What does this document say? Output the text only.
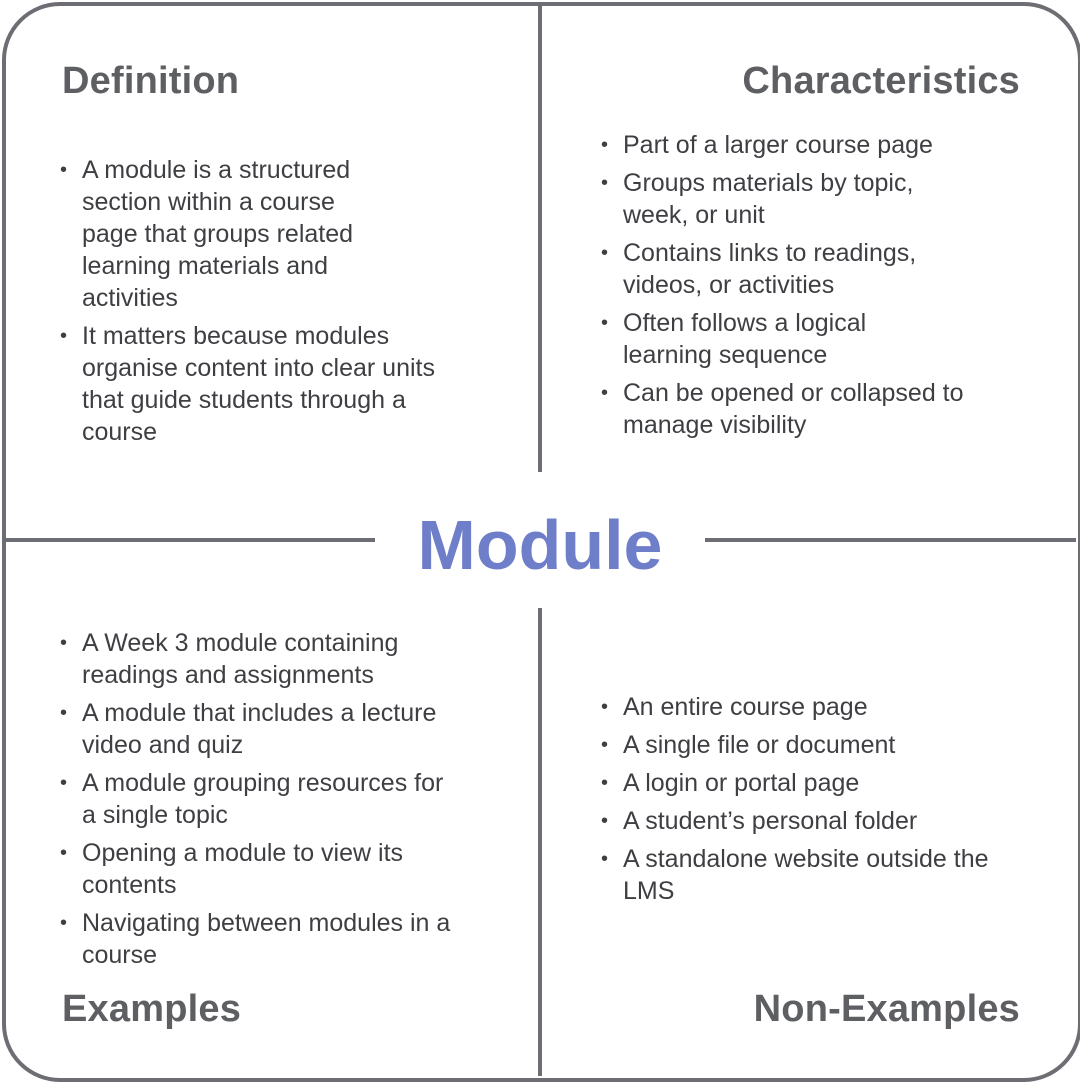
Module
Definition
• A module is a structured section within a course page that groups related learning materials and activities
• It matters because modules organise content into clear units that guide students through a course
Characteristics
• Part of a larger course page
• Groups materials by topic, week, or unit
• Contains links to readings, videos, or activities
• Often follows a logical learning sequence
• Can be opened or collapsed to manage visibility
• A Week 3 module containing readings and assignments
• A module that includes a lecture video and quiz
• A module grouping resources for a single topic
• Opening a module to view its contents
• Navigating between modules in a course
Examples
• An entire course page
• A single file or document
• A login or portal page
• A student’s personal folder
• A standalone website outside the LMS
Non-Examples
